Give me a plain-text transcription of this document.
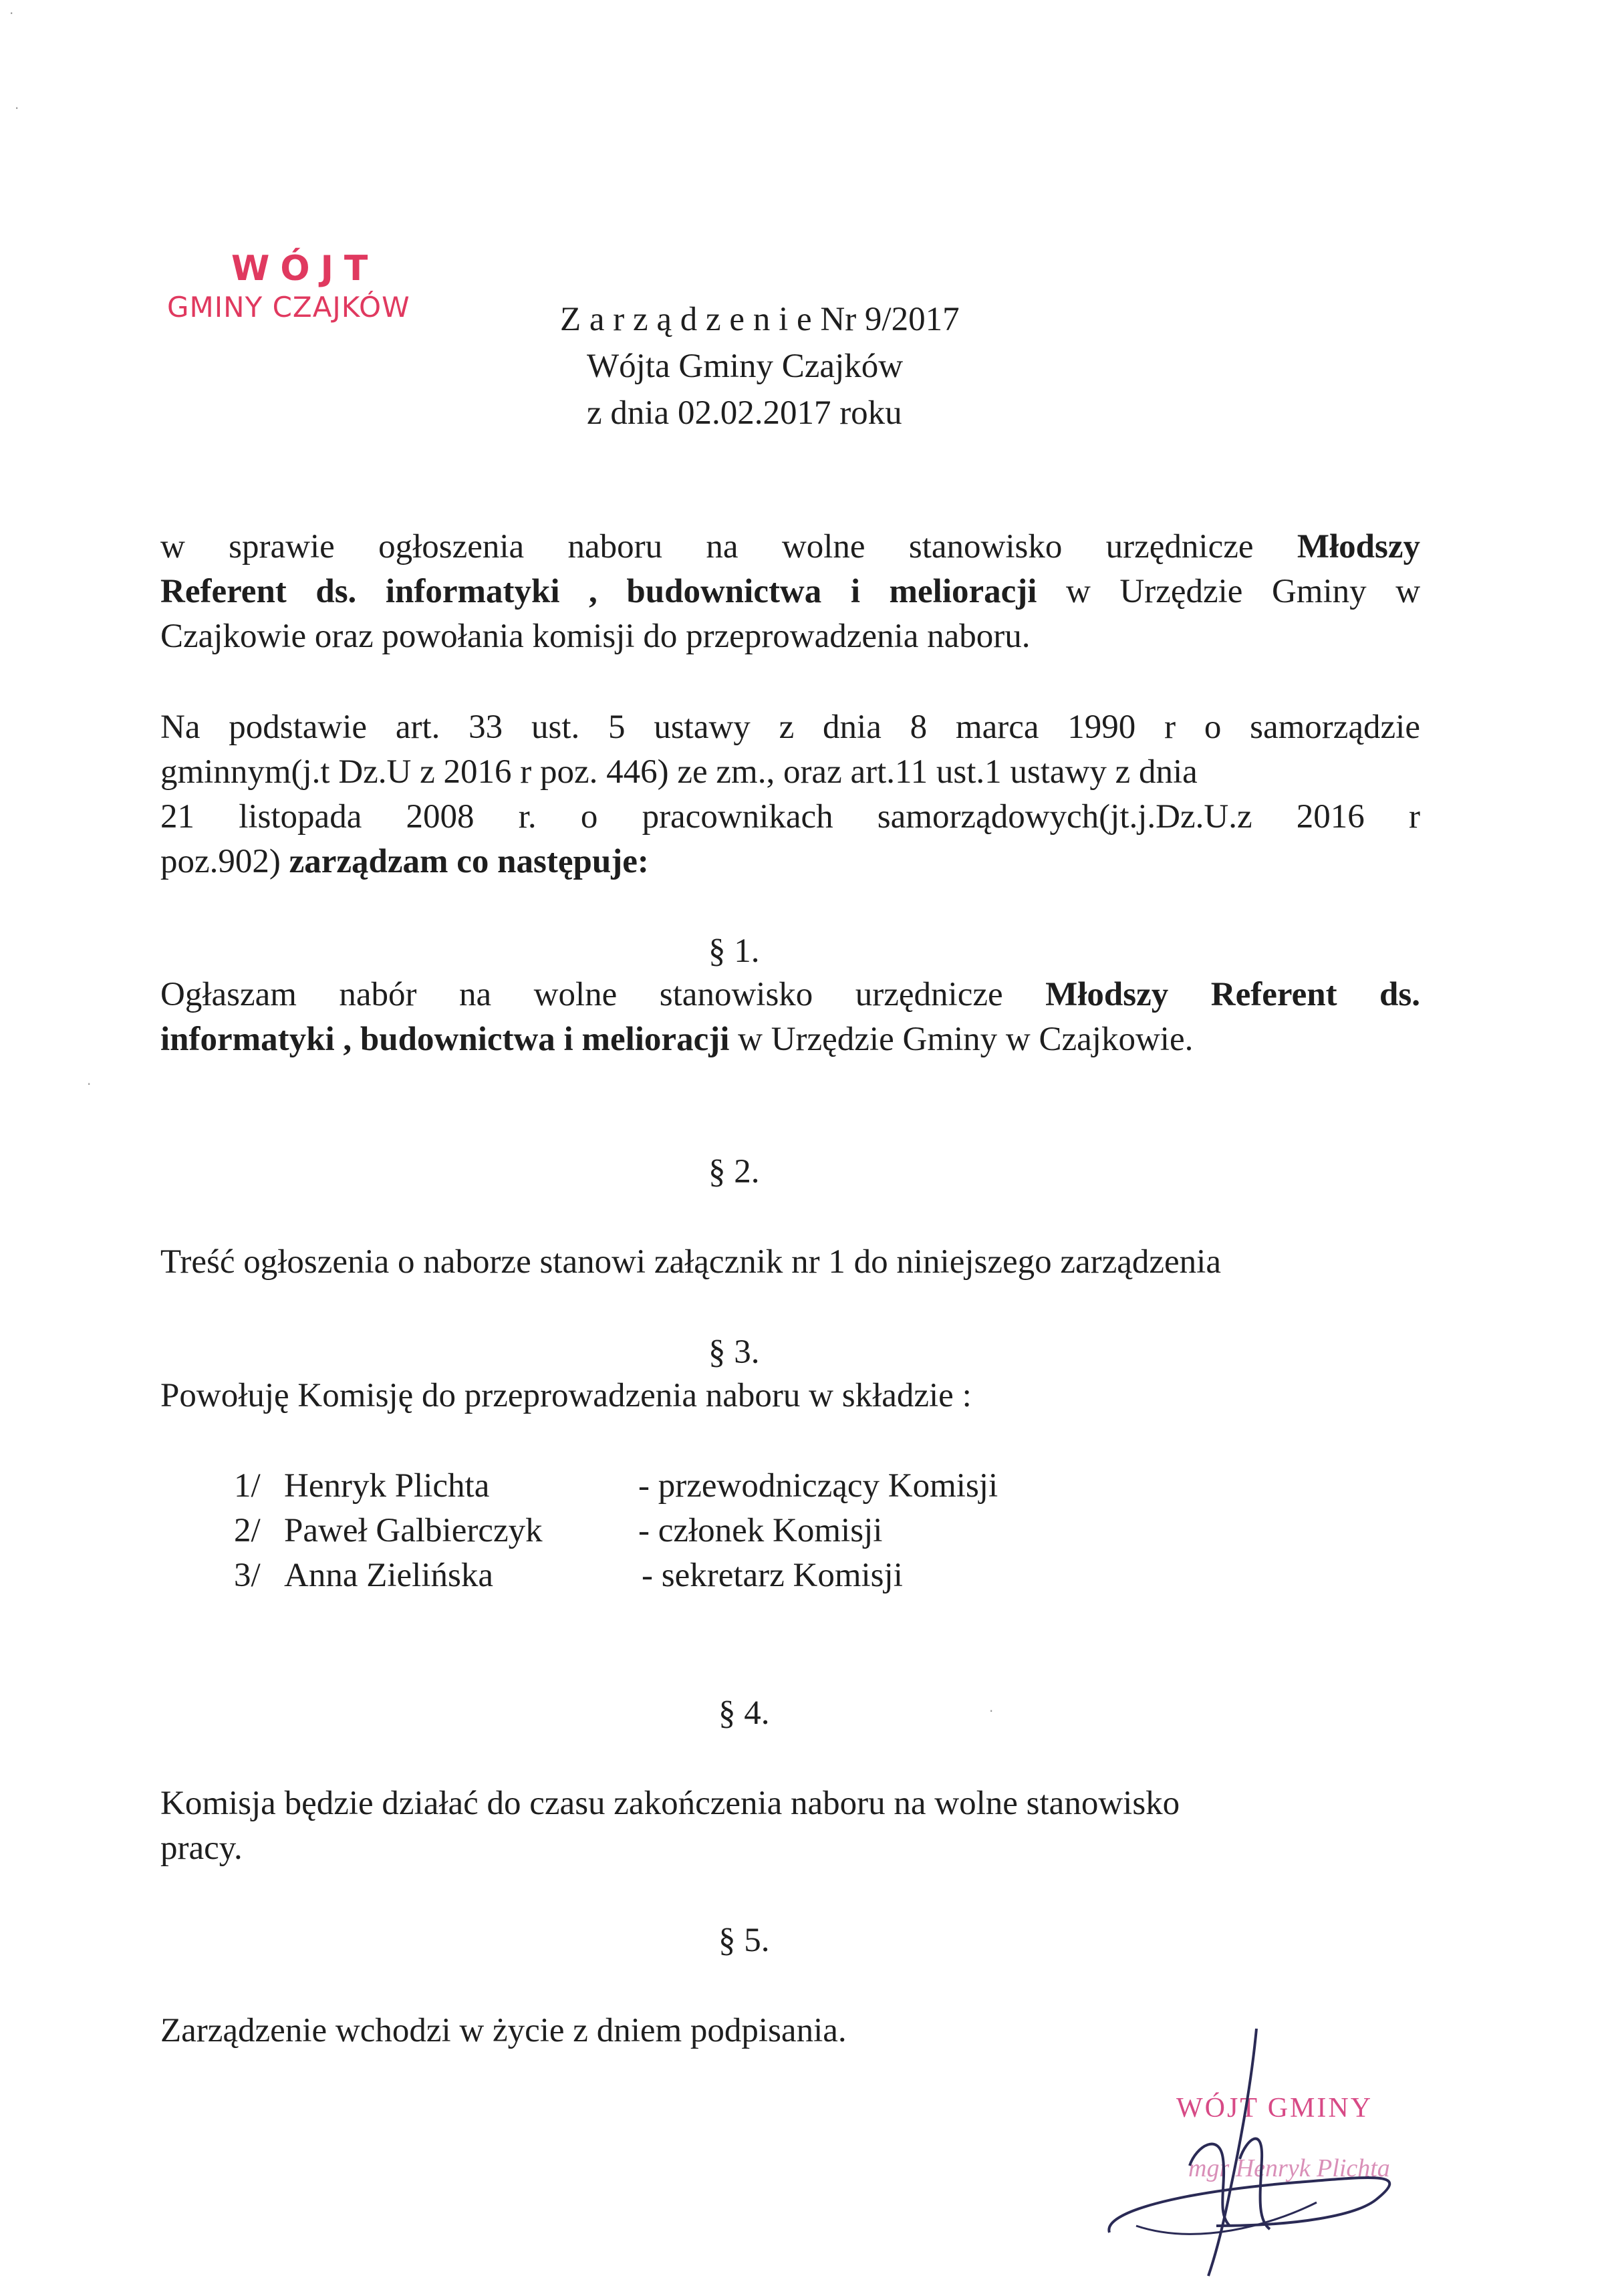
·
·
·
WÓJT
GMINY CZAJKÓW	Z a r z ą d z e n i e Nr 9/2017
Wójta Gminy Czajków
z dnia 02.02.2017 roku
w sprawie ogłoszenia naboru na wolne stanowisko urzędnicze Młodszy
Referent ds. informatyki , budownictwa i melioracji w Urzędzie Gminy w
Czajkowie oraz powołania komisji do przeprowadzenia naboru.
Na podstawie art. 33 ust. 5 ustawy z dnia 8 marca 1990 r o samorządzie
gminnym(j.t Dz.U z 2016 r poz. 446) ze zm., oraz art.11 ust.1 ustawy z dnia
21 listopada 2008 r. o pracownikach samorządowych(jt.j.Dz.U.z 2016 r
poz.902) zarządzam co następuje:
§ 1.
Ogłaszam nabór na wolne stanowisko urzędnicze Młodszy Referent ds.
informatyki , budownictwa i melioracji w Urzędzie Gminy w Czajkowie.
§ 2.
Treść ogłoszenia o naborze stanowi załącznik nr 1 do niniejszego zarządzenia
§ 3.
Powołuję Komisję do przeprowadzenia naboru w składzie :
1/ Henryk Plichta	- przewodniczący Komisji
2/ Paweł Galbierczyk	- członek Komisji
3/ Anna Zielińska	- sekretarz Komisji
§ 4.	·
Komisja będzie działać do czasu zakończenia naboru na wolne stanowisko
pracy.
§ 5.
Zarządzenie wchodzi w życie z dniem podpisania.
WÓJT GMINY
mgr Henryk Plichta
